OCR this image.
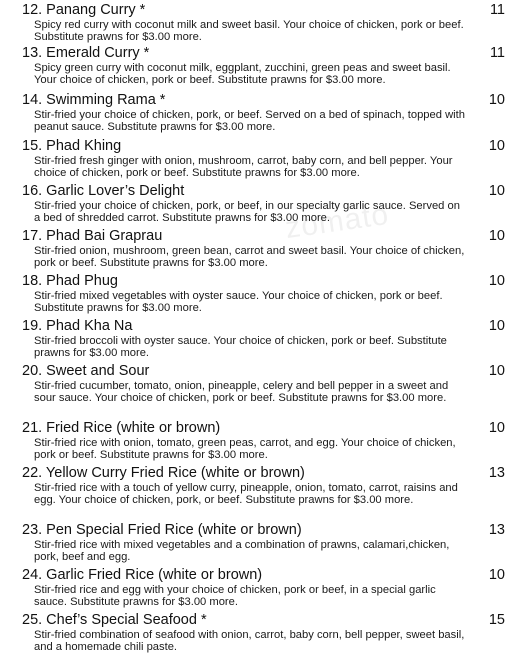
zomato
12. Panang Curry *	11
Spicy red curry with coconut milk and sweet basil. Your choice of chicken, pork or beef. Substitute prawns for $3.00 more.
13. Emerald Curry *	11
Spicy green curry with coconut milk, eggplant, zucchini, green peas and sweet basil. Your choice of chicken, pork or beef. Substitute prawns for $3.00 more.
14. Swimming Rama *	10
Stir-fried your choice of chicken, pork, or beef. Served on a bed of spinach, topped with peanut sauce. Substitute prawns for $3.00 more.
15. Phad Khing	10
Stir-fried fresh ginger with onion, mushroom, carrot, baby corn, and bell pepper. Your choice of chicken, pork or beef. Substitute prawns for $3.00 more.
16. Garlic Lover’s Delight	10
Stir-fried your choice of chicken, pork, or beef, in our specialty garlic sauce. Served on a bed of shredded carrot. Substitute prawns for $3.00 more.
17. Phad Bai Graprau	10
Stir-fried onion, mushroom, green bean, carrot and sweet basil. Your choice of chicken, pork or beef. Substitute prawns for $3.00 more.
18. Phad Phug	10
Stir-fried mixed vegetables with oyster sauce. Your choice of chicken, pork or beef. Substitute prawns for $3.00 more.
19. Phad Kha Na	10
Stir-fried broccoli with oyster sauce. Your choice of chicken, pork or beef. Substitute prawns for $3.00 more.
20. Sweet and Sour	10
Stir-fried cucumber, tomato, onion, pineapple, celery and bell pepper in a sweet and sour sauce. Your choice of chicken, pork or beef. Substitute prawns for $3.00 more.
21. Fried Rice (white or brown)	10
Stir-fried rice with onion, tomato, green peas, carrot, and egg. Your choice of chicken, pork or beef. Substitute prawns for $3.00 more.
22. Yellow Curry Fried Rice (white or brown)	13
Stir-fried rice with a touch of yellow curry, pineapple, onion, tomato, carrot, raisins and egg. Your choice of chicken, pork, or beef. Substitute prawns for $3.00 more.
23. Pen Special Fried Rice (white or brown)	13
Stir-fried rice with mixed vegetables and a combination of prawns, calamari,chicken, pork, beef and egg.
24. Garlic Fried Rice (white or brown)	10
Stir-fried rice and egg with your choice of chicken, pork or beef, in a special garlic sauce. Substitute prawns for $3.00 more.
25. Chef’s Special Seafood *	15
Stir-fried combination of seafood with onion, carrot, baby corn, bell pepper, sweet basil, and a homemade chili paste.
